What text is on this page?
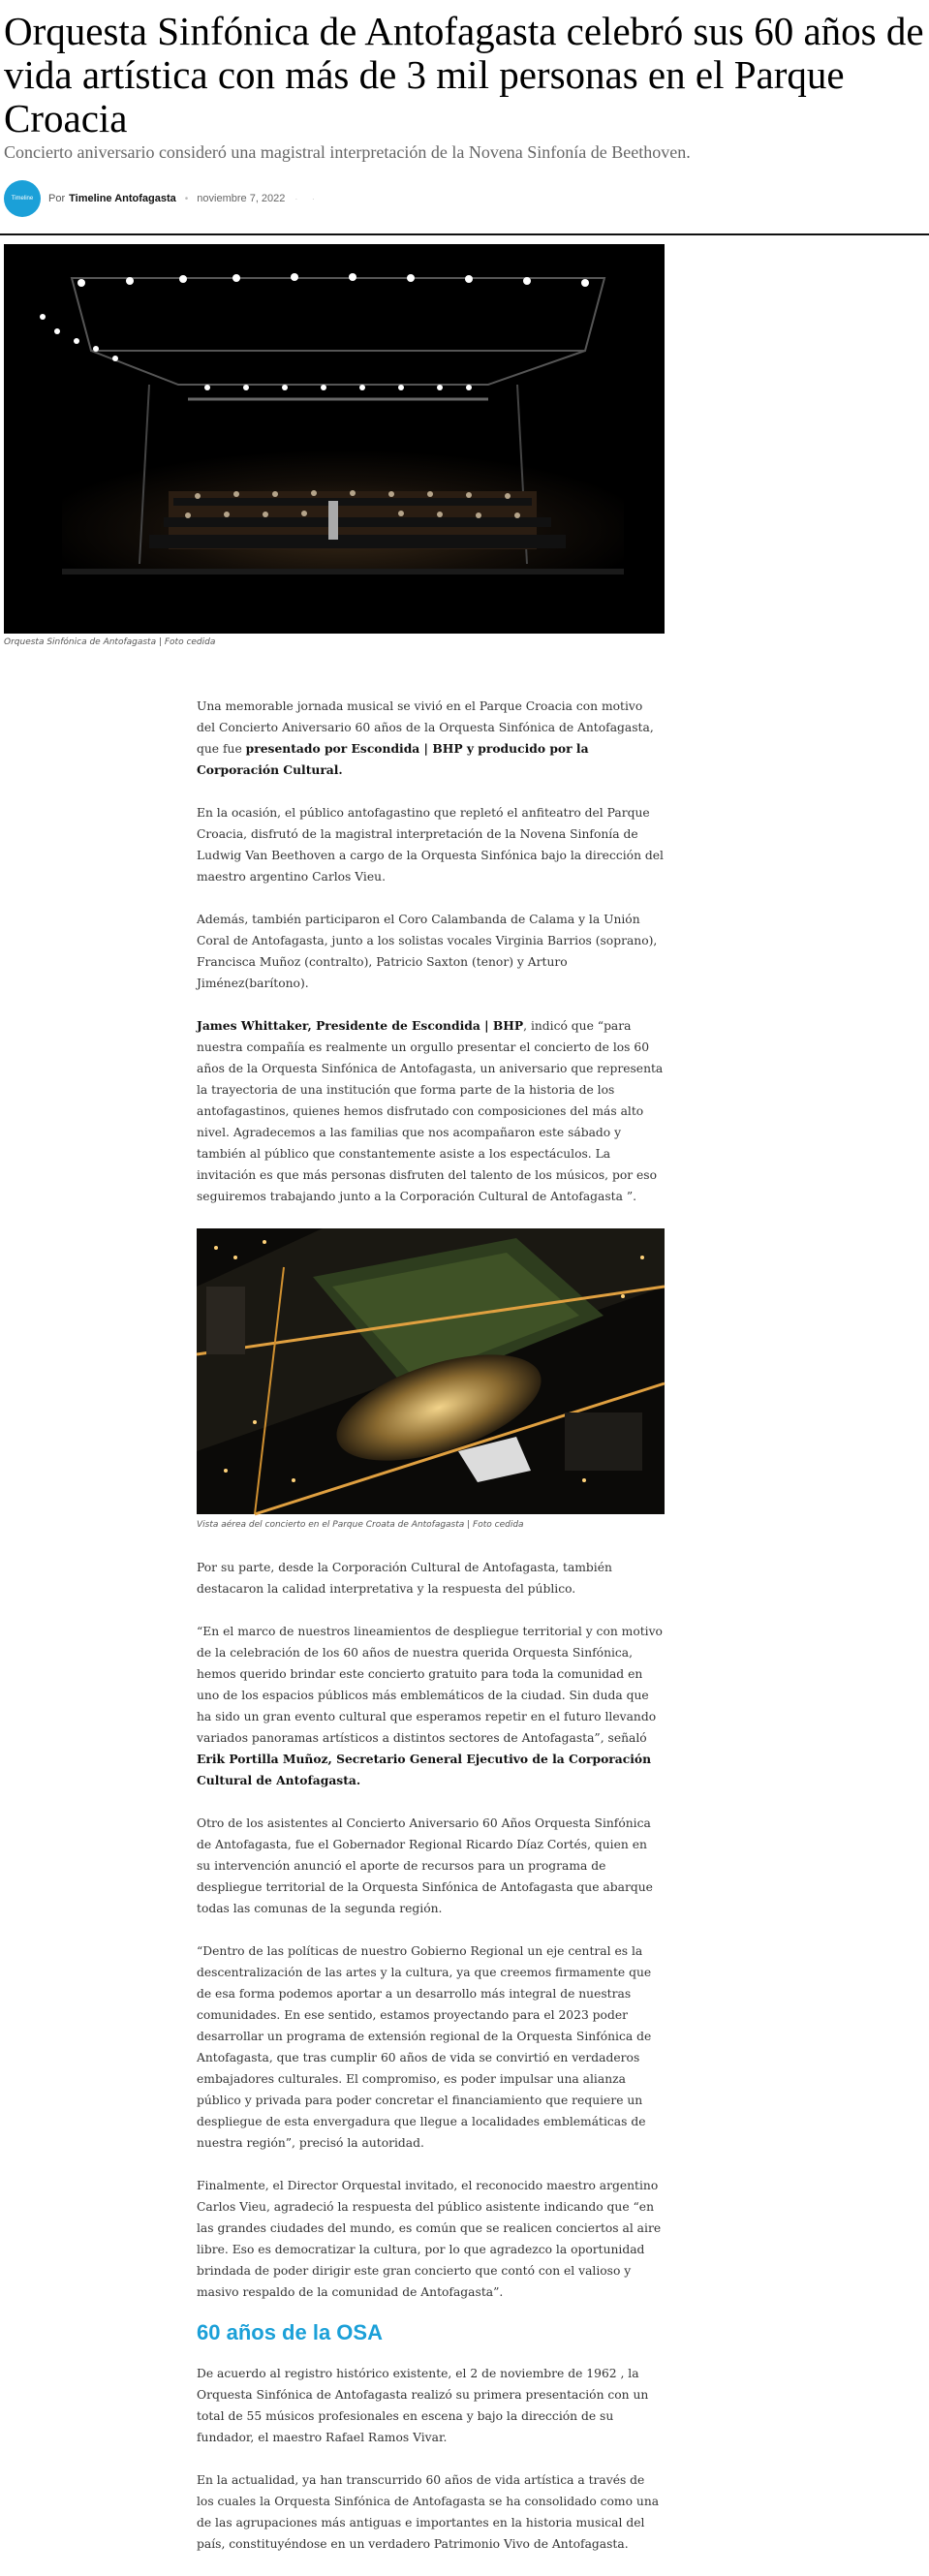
Orquesta Sinfónica de Antofagasta celebró sus 60 años de vida artística con más de 3 mil personas en el Parque Croacia

Concierto aniversario consideró una magistral interpretación de la Novena Sinfonía de Beethoven.

Timeline Por Timeline Antofagasta • noviembre 7, 2022 · ·
Orquesta Sinfónica de Antofagasta | Foto cedida

Una memorable jornada musical se vivió en el Parque Croacia con motivo del Concierto Aniversario 60 años de la Orquesta Sinfónica de Antofagasta, que fue presentado por Escondida | BHP y producido por la Corporación Cultural.

En la ocasión, el público antofagastino que repletó el anfiteatro del Parque Croacia, disfrutó de la magistral interpretación de la Novena Sinfonía de Ludwig Van Beethoven a cargo de la Orquesta Sinfónica bajo la dirección del maestro argentino Carlos Vieu.

Además, también participaron el Coro Calambanda de Calama y la Unión Coral de Antofagasta, junto a los solistas vocales Virginia Barrios (soprano), Francisca Muñoz (contralto), Patricio Saxton (tenor) y Arturo Jiménez(barítono).

James Whittaker, Presidente de Escondida | BHP, indicó que “para nuestra compañía es realmente un orgullo presentar el concierto de los 60 años de la Orquesta Sinfónica de Antofagasta, un aniversario que representa la trayectoria de una institución que forma parte de la historia de los antofagastinos, quienes hemos disfrutado con composiciones del más alto nivel. Agradecemos a las familias que nos acompañaron este sábado y también al público que constantemente asiste a los espectáculos. La invitación es que más personas disfruten del talento de los músicos, por eso seguiremos trabajando junto a la Corporación Cultural de Antofagasta ”.

Vista aérea del concierto en el Parque Croata de Antofagasta | Foto cedida

Por su parte, desde la Corporación Cultural de Antofagasta, también destacaron la calidad interpretativa y la respuesta del público.

“En el marco de nuestros lineamientos de despliegue territorial y con motivo de la celebración de los 60 años de nuestra querida Orquesta Sinfónica, hemos querido brindar este concierto gratuito para toda la comunidad en uno de los espacios públicos más emblemáticos de la ciudad. Sin duda que ha sido un gran evento cultural que esperamos repetir en el futuro llevando variados panoramas artísticos a distintos sectores de Antofagasta”, señaló Erik Portilla Muñoz, Secretario General Ejecutivo de la Corporación Cultural de Antofagasta.

Otro de los asistentes al Concierto Aniversario 60 Años Orquesta Sinfónica de Antofagasta, fue el Gobernador Regional Ricardo Díaz Cortés, quien en su intervención anunció el aporte de recursos para un programa de despliegue territorial de la Orquesta Sinfónica de Antofagasta que abarque todas las comunas de la segunda región.

“Dentro de las políticas de nuestro Gobierno Regional un eje central es la descentralización de las artes y la cultura, ya que creemos firmamente que de esa forma podemos aportar a un desarrollo más integral de nuestras comunidades. En ese sentido, estamos proyectando para el 2023 poder desarrollar un programa de extensión regional de la Orquesta Sinfónica de Antofagasta, que tras cumplir 60 años de vida se convirtió en verdaderos embajadores culturales. El compromiso, es poder impulsar una alianza público y privada para poder concretar el financiamiento que requiere un despliegue de esta envergadura que llegue a localidades emblemáticas de nuestra región”, precisó la autoridad.

Finalmente, el Director Orquestal invitado, el reconocido maestro argentino Carlos Vieu, agradeció la respuesta del público asistente indicando que “en las grandes ciudades del mundo, es común que se realicen conciertos al aire libre. Eso es democratizar la cultura, por lo que agradezco la oportunidad brindada de poder dirigir este gran concierto que contó con el valioso y masivo respaldo de la comunidad de Antofagasta”.

60 años de la OSA

De acuerdo al registro histórico existente, el 2 de noviembre de 1962 , la Orquesta Sinfónica de Antofagasta realizó su primera presentación con un total de 55 músicos profesionales en escena y bajo la dirección de su fundador, el maestro Rafael Ramos Vivar.

En la actualidad, ya han transcurrido 60 años de vida artística a través de los cuales la Orquesta Sinfónica de Antofagasta se ha consolidado como una de las agrupaciones más antiguas e importantes en la historia musical del país, constituyéndose en un verdadero Patrimonio Vivo de Antofagasta.
